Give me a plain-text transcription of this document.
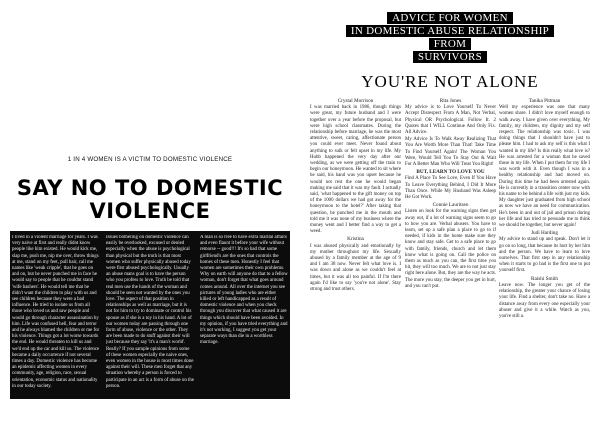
1 IN 4 WOMEN IS A VICTIM TO DOMESTIC VIOLENCE
SAY NO TO DOMESTIC
VIOLENCE
I lived in a violent marriage for years. I was very naive at first and really didnt know people like him existed. He would kick me, slap me, push me, nip me over, throw things at me, stand on my feet, pull hair, call me names like 'weak cripple', that he goes on and on, but he never punched me in face he would say to people that he couldnt stand 'wife bashers'. He would tell me that he didn't want the children to play with us and see children because they were a bad influence. He tried to isolate us from all those who loved us and saw people and would go through character assassination by him. Life was confused hell, fear and terror and he always blamed the children or me for his violence. Things got a lot worse towards the end. He would threaten to kill us and we'd end up the car and kill us. The violence became a daily occurrence if not several times a day. Domestic violence has become an epidemic affecting women in every community, age, religion, race, sexual orientation, economic status and nationality in our today society.
Issues bothering on domestic violence can easily be overlooked, excused or denied especially when the abuse is psychological than physical but the truth is that most women who suffer physically abused today were first abused psychologically. Usually an abuse mans goal is to have the person who you profess to love. Truth be told that real men use the hands of the woman and should be seen not wanted by the ones you love. The aspect of that position in relationships as well as marriage, but it is not for him to try to dominate or control his spouse as if she is a toy in his hand. A lot of our women today are passing through one form of abuse, violence or the other. They are been made to do stuff against their will just because they say 'it's a man's world'. Really? If you sample opinions from some of these women especially the naive ones, even women in the house is most times done against their will. These men forget that any situation whereby a person is forced to participate in an act is a form of abuse on the person.
A man is so free to have extra marital affairs and even flaunt it before your wife without remorse -- good!!! It's so bad that some girlfriend's are the ones that controls the homes of these men. Honestly I feel that women are sometimes their own problems. Why on earth will anyone do that to a fellow woman, don't forget that what goes around comes around. All over the internet you see pictures of young ladies who are either killed or left handicapped as a result of domestic violence and when you check through you discover that what caused it are things which should have been avoided. In my opinion, if you have tried everything and it's not working, I suggest you get your separate ways than die in a worthless marriage.
ADVICE FOR WOMEN
IN DOMESTIC ABUSE RELATIONSHIP
FROM
SURVIVORS
YOU'RE NOT ALONE
Crystal Morrison
I was married back in 1986, though things were great, my future husband and I were together over a year before the proposal, but were high school classmates. During the relationship before marriage, he was the most attentive, sweet, caring, affectionate person you could ever meet. Never found about anything to sulk or felt upset in my life. My Hubb happened the very day after our wedding, as we were getting off the train to begin our honeymoon. He wanted to sit where he said, his hand was you upset because he would not rest the one he would began making me said that it was my fault. I actually said, 'what happened to the gift money on top of the 1000 dollars we had got away for the honeymoon to the hotel?' After taking that question, he punched me in the mouth and told me it was none of my business where the money went and I better find a way to get a weed.
Kristina
I was abused physically and emotionally by my mother throughout my life. Sexually abused by a family member at the age of 9 and I am 38 now. Never felt what love is. I was down and alone as we couldn't feel at times, but it was all too painful. If I'm there again I'd like to say 'you're not alone'. Stay strong and trust others.
Rita Jones
My advice is to Love Yourself To Never Accept Disrespect From A Man, Not Verbal, Physical OR Psychological. Follow It. 2 Quotes that I WILL Continue And Only Fix. All Advice.
My Advice Is To Walk Away Realizing That You Are Worth More Than That! Take Time To Find Yourself Again! The Woman You Were, Would Tell You To Stay Out & Wait For A Better Man Who Will Treat You Right!
BUT, LEARN TO LOVE YOU
Find A Place To See Love, Even If You Have To Leave Everything Behind, I Did It More Than Once. While My Husband Was Asleep He Got Work.
Connie Lauritsen
Listen on look for the warning signs then get away out, if a lot of warning signs seem to go to how you are. Verbal abusers. You have to learn, set up a safe plan a place to go to if needed, if kids in the home make sure they know and stay safe. Get to a safe place to go with family, friends, church and let them know what is going on. Call the police on them as much as you can, the first time you hit, they will too much. We are to not just stay right here alone. But, they are the way he acts. The more you stay, the deeper you get in hurt, and you can't put.
Tanika Pittman
Well my experience was one that many women share. I didn't love myself enough to walk away. I have given over everything. My family, my children, my dignity and my self respect. The relationship was toxic. I was doing things that I shouldn't have just to please him. I had to ask my self is this what I wanted in my life? Is this really what love is? He was arrested for a woman that he saved those in my life. When I put them for my life I was worth with it. Even though I was in a healthy relationship and had moved on. During this time he had been arrested again. He is currently in a transition center now with his name to be behind a life with just my kids. My daughter just graduated from high school as now we have an need for communication. He's been in and out of jail and prison during her life and has tried to persuade me to think we should be together, but never again!
Judi Harding
My advice to stand up and speak. Don't let it go on so long, that because its hurt by her him and the person. We have to learn to love ourselves. That first step in any relationship when it starts to go bad is the first one to put yourself first.
Raishi Smith
Leave now. The longer you get of the relationship, the greater your chance of losing your life. Find a shelter, don't take no. Have a distance away from every one especially your abuser and give it a while. Watch as you, you're still a.
